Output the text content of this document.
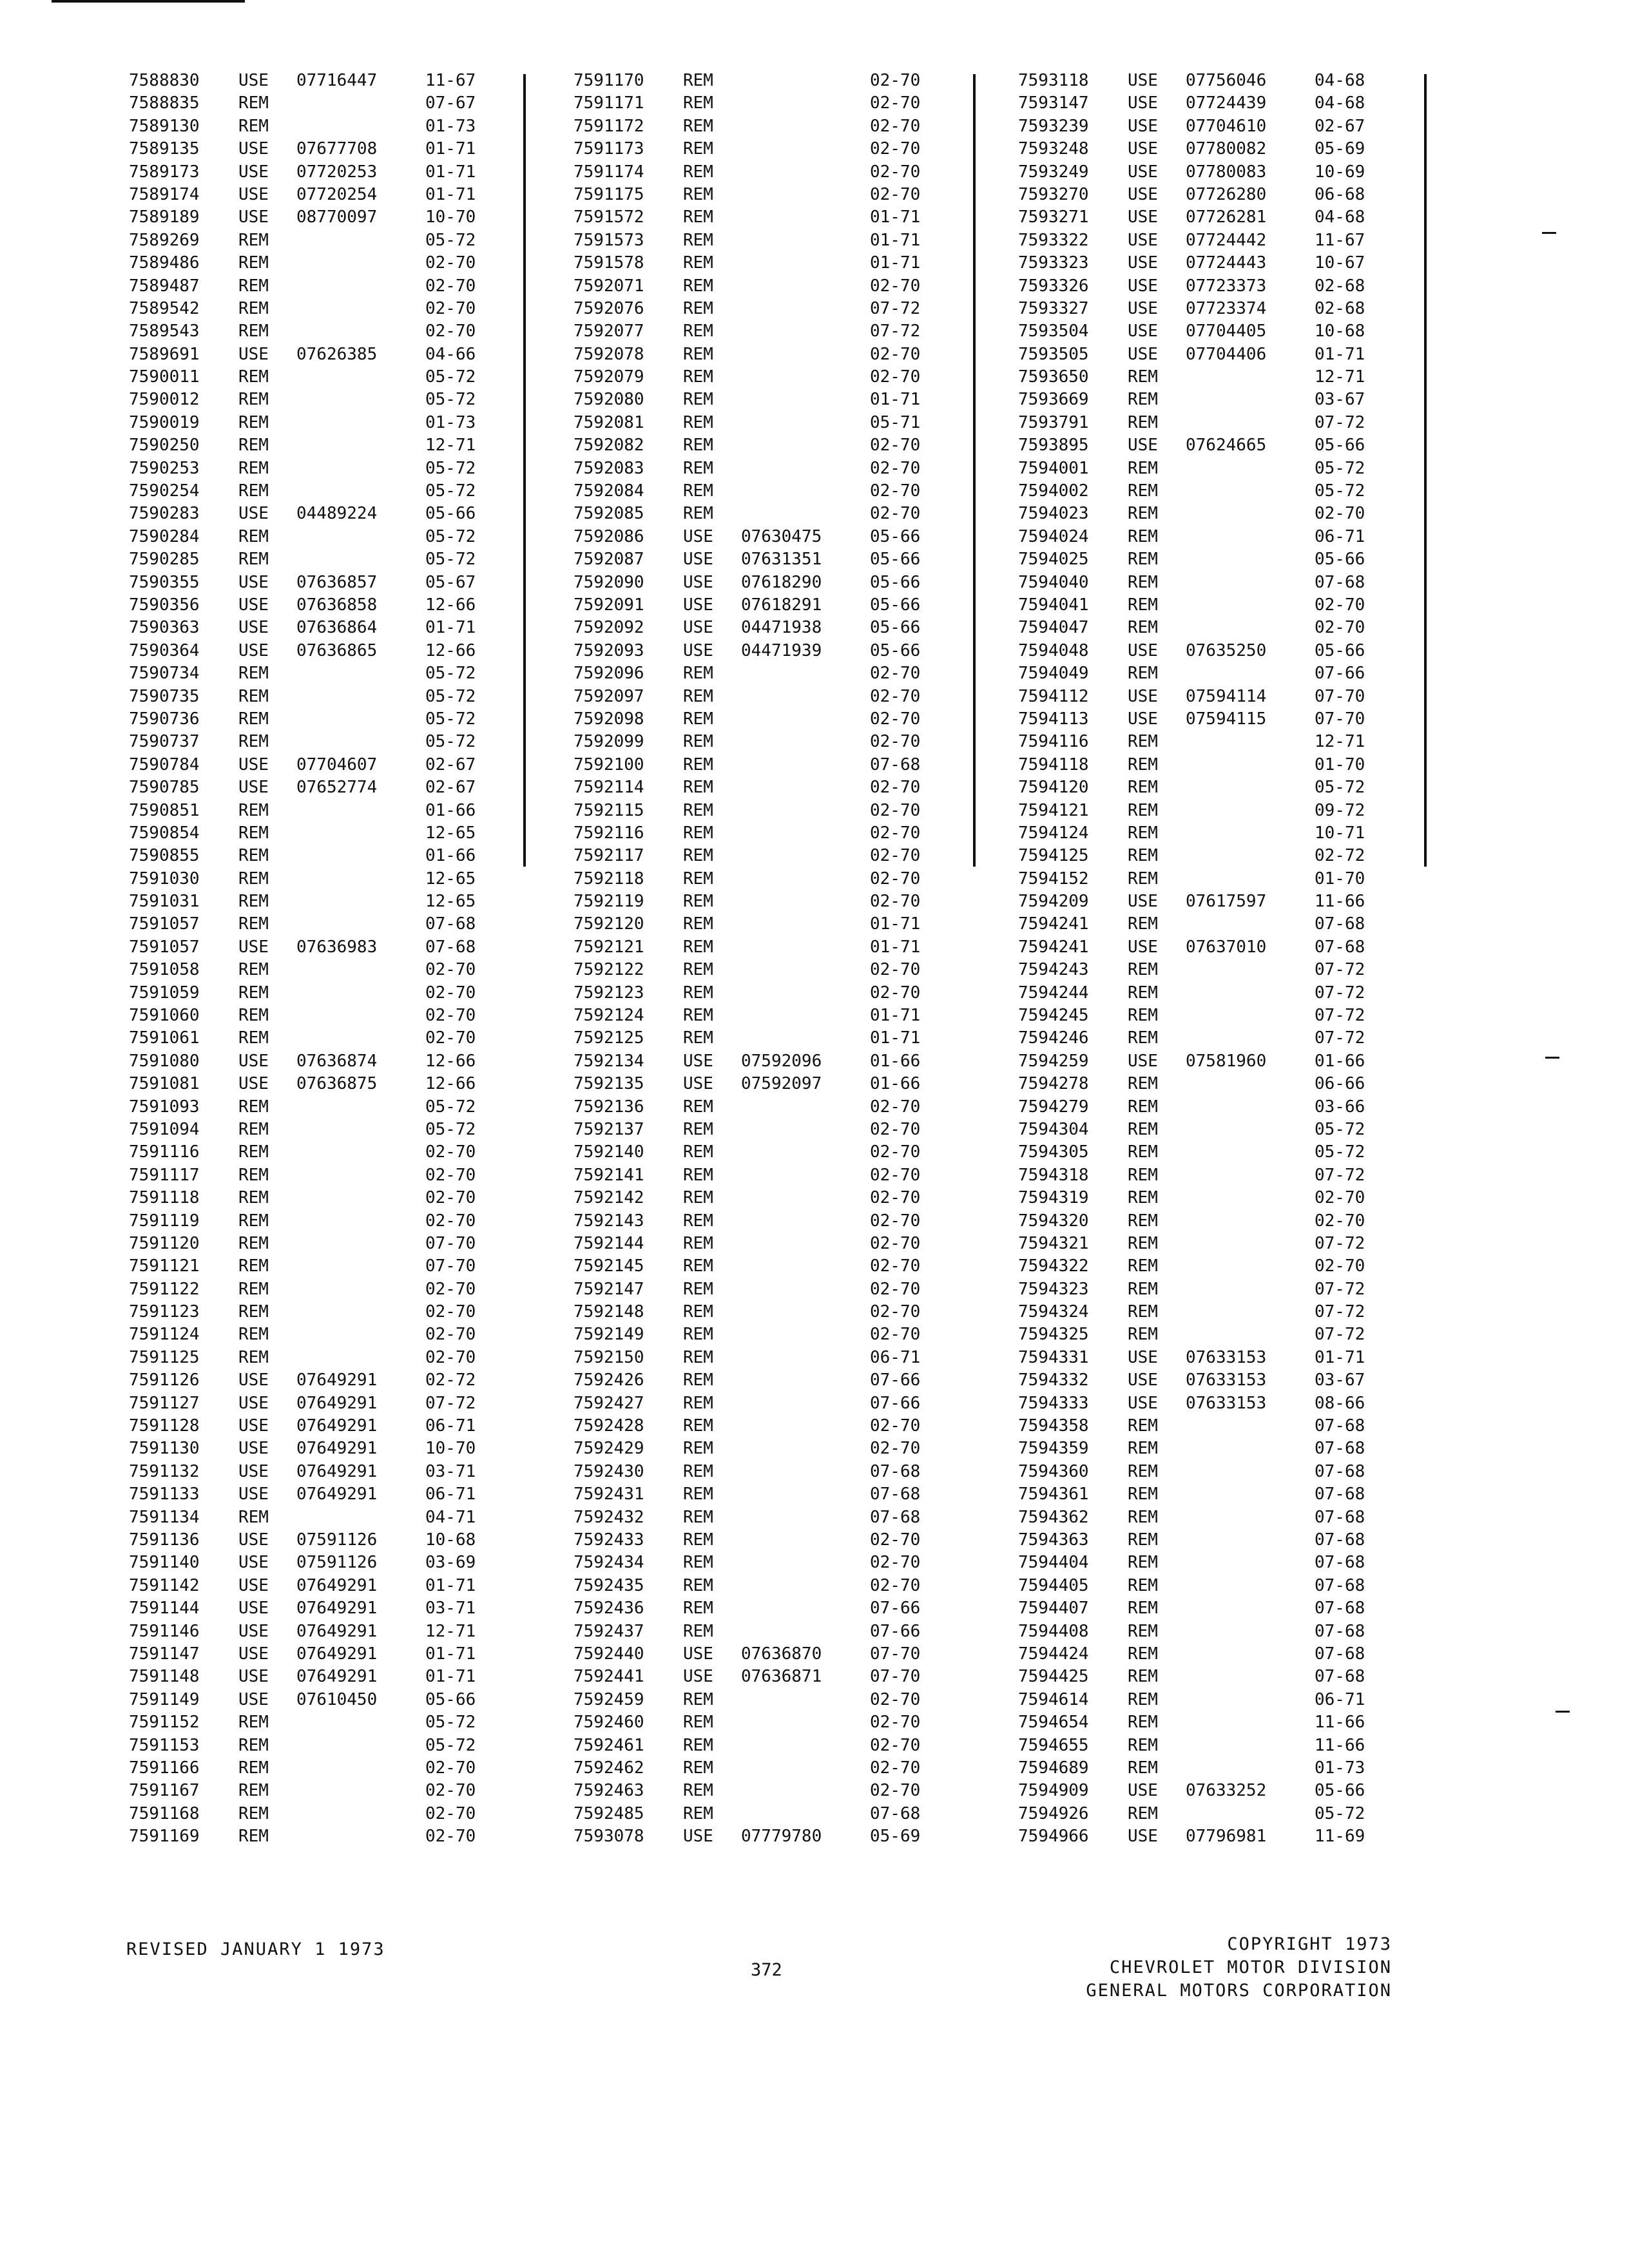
7588830 USE 07716447	11-67
7588835 REM	07-67
7589130 REM	01-73
7589135 USE 07677708	01-71
7589173 USE 07720253	01-71
7589174 USE 07720254	01-71
7589189 USE 08770097	10-70
7589269 REM	05-72
7589486 REM	02-70
7589487 REM	02-70
7589542 REM	02-70
7589543 REM	02-70
7589691 USE 07626385	04-66
7590011 REM	05-72
7590012 REM	05-72
7590019 REM	01-73
7590250 REM	12-71
7590253 REM	05-72
7590254 REM	05-72
7590283 USE 04489224	05-66
7590284 REM	05-72
7590285 REM	05-72
7590355 USE 07636857	05-67
7590356 USE 07636858	12-66
7590363 USE 07636864	01-71
7590364 USE 07636865	12-66
7590734 REM	05-72
7590735 REM	05-72
7590736 REM	05-72
7590737 REM	05-72
7590784 USE 07704607	02-67
7590785 USE 07652774	02-67
7590851 REM	01-66
7590854 REM	12-65
7590855 REM	01-66
7591030 REM	12-65
7591031 REM	12-65
7591057 REM	07-68
7591057 USE 07636983	07-68
7591058 REM	02-70
7591059 REM	02-70
7591060 REM	02-70
7591061 REM	02-70
7591080 USE 07636874	12-66
7591081 USE 07636875	12-66
7591093 REM	05-72
7591094 REM	05-72
7591116 REM	02-70
7591117 REM	02-70
7591118 REM	02-70
7591119 REM	02-70
7591120 REM	07-70
7591121 REM	07-70
7591122 REM	02-70
7591123 REM	02-70
7591124 REM	02-70
7591125 REM	02-70
7591126 USE 07649291	02-72
7591127 USE 07649291	07-72
7591128 USE 07649291	06-71
7591130 USE 07649291	10-70
7591132 USE 07649291	03-71
7591133 USE 07649291	06-71
7591134 REM	04-71
7591136 USE 07591126	10-68
7591140 USE 07591126	03-69
7591142 USE 07649291	01-71
7591144 USE 07649291	03-71
7591146 USE 07649291	12-71
7591147 USE 07649291	01-71
7591148 USE 07649291	01-71
7591149 USE 07610450	05-66
7591152 REM	05-72
7591153 REM	05-72
7591166 REM	02-70
7591167 REM	02-70
7591168 REM	02-70
7591169 REM	02-70
7591170 REM	02-70
7591171 REM	02-70
7591172 REM	02-70
7591173 REM	02-70
7591174 REM	02-70
7591175 REM	02-70
7591572 REM	01-71
7591573 REM	01-71
7591578 REM	01-71
7592071 REM	02-70
7592076 REM	07-72
7592077 REM	07-72
7592078 REM	02-70
7592079 REM	02-70
7592080 REM	01-71
7592081 REM	05-71
7592082 REM	02-70
7592083 REM	02-70
7592084 REM	02-70
7592085 REM	02-70
7592086 USE 07630475	05-66
7592087 USE 07631351	05-66
7592090 USE 07618290	05-66
7592091 USE 07618291	05-66
7592092 USE 04471938	05-66
7592093 USE 04471939	05-66
7592096 REM	02-70
7592097 REM	02-70
7592098 REM	02-70
7592099 REM	02-70
7592100 REM	07-68
7592114 REM	02-70
7592115 REM	02-70
7592116 REM	02-70
7592117 REM	02-70
7592118 REM	02-70
7592119 REM	02-70
7592120 REM	01-71
7592121 REM	01-71
7592122 REM	02-70
7592123 REM	02-70
7592124 REM	01-71
7592125 REM	01-71
7592134 USE 07592096	01-66
7592135 USE 07592097	01-66
7592136 REM	02-70
7592137 REM	02-70
7592140 REM	02-70
7592141 REM	02-70
7592142 REM	02-70
7592143 REM	02-70
7592144 REM	02-70
7592145 REM	02-70
7592147 REM	02-70
7592148 REM	02-70
7592149 REM	02-70
7592150 REM	06-71
7592426 REM	07-66
7592427 REM	07-66
7592428 REM	02-70
7592429 REM	02-70
7592430 REM	07-68
7592431 REM	07-68
7592432 REM	07-68
7592433 REM	02-70
7592434 REM	02-70
7592435 REM	02-70
7592436 REM	07-66
7592437 REM	07-66
7592440 USE 07636870	07-70
7592441 USE 07636871	07-70
7592459 REM	02-70
7592460 REM	02-70
7592461 REM	02-70
7592462 REM	02-70
7592463 REM	02-70
7592485 REM	07-68
7593078 USE 07779780	05-69
7593118 USE 07756046	04-68
7593147 USE 07724439	04-68
7593239 USE 07704610	02-67
7593248 USE 07780082	05-69
7593249 USE 07780083	10-69
7593270 USE 07726280	06-68
7593271 USE 07726281	04-68
7593322 USE 07724442	11-67
7593323 USE 07724443	10-67
7593326 USE 07723373	02-68
7593327 USE 07723374	02-68
7593504 USE 07704405	10-68
7593505 USE 07704406	01-71
7593650 REM	12-71
7593669 REM	03-67
7593791 REM	07-72
7593895 USE 07624665	05-66
7594001 REM	05-72
7594002 REM	05-72
7594023 REM	02-70
7594024 REM	06-71
7594025 REM	05-66
7594040 REM	07-68
7594041 REM	02-70
7594047 REM	02-70
7594048 USE 07635250	05-66
7594049 REM	07-66
7594112 USE 07594114	07-70
7594113 USE 07594115	07-70
7594116 REM	12-71
7594118 REM	01-70
7594120 REM	05-72
7594121 REM	09-72
7594124 REM	10-71
7594125 REM	02-72
7594152 REM	01-70
7594209 USE 07617597	11-66
7594241 REM	07-68
7594241 USE 07637010	07-68
7594243 REM	07-72
7594244 REM	07-72
7594245 REM	07-72
7594246 REM	07-72
7594259 USE 07581960	01-66
7594278 REM	06-66
7594279 REM	03-66
7594304 REM	05-72
7594305 REM	05-72
7594318 REM	07-72
7594319 REM	02-70
7594320 REM	02-70
7594321 REM	07-72
7594322 REM	02-70
7594323 REM	07-72
7594324 REM	07-72
7594325 REM	07-72
7594331 USE 07633153	01-71
7594332 USE 07633153	03-67
7594333 USE 07633153	08-66
7594358 REM	07-68
7594359 REM	07-68
7594360 REM	07-68
7594361 REM	07-68
7594362 REM	07-68
7594363 REM	07-68
7594404 REM	07-68
7594405 REM	07-68
7594407 REM	07-68
7594408 REM	07-68
7594424 REM	07-68
7594425 REM	07-68
7594614 REM	06-71
7594654 REM	11-66
7594655 REM	11-66
7594689 REM	01-73
7594909 USE 07633252	05-66
7594926 REM	05-72
7594966 USE 07796981	11-69
REVISED JANUARY 1 1973
372
COPYRIGHT 1973
CHEVROLET MOTOR DIVISION
GENERAL MOTORS CORPORATION
